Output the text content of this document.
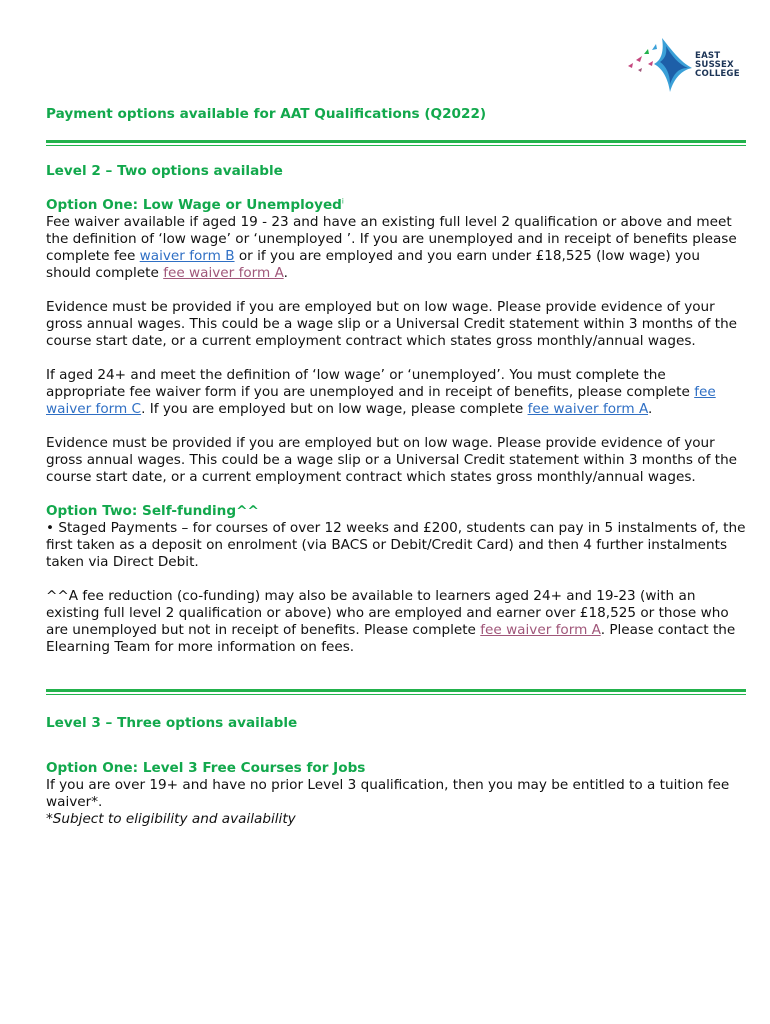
EAST
SUSSEX
COLLEGE
Payment options available for AAT Qualifications (Q2022)
Level 2 – Two options available
Option One: Low Wage or Unemployed$^i$

Fee waiver available if aged 19 - 23 and have an existing full level 2 qualification or above and meet the definition of ‘low wage’ or ‘unemployed ’. If you are unemployed and in receipt of benefits please complete fee waiver form B or if you are employed and you earn under £18,525 (low wage) you should complete fee waiver form A.

Evidence must be provided if you are employed but on low wage. Please provide evidence of your gross annual wages. This could be a wage slip or a Universal Credit statement within 3 months of the course start date, or a current employment contract which states gross monthly/annual wages.

If aged 24+ and meet the definition of ‘low wage’ or ‘unemployed’. You must complete the appropriate fee waiver form if you are unemployed and in receipt of benefits, please complete fee waiver form C. If you are employed but on low wage, please complete fee waiver form A.

Evidence must be provided if you are employed but on low wage. Please provide evidence of your gross annual wages. This could be a wage slip or a Universal Credit statement within 3 months of the course start date, or a current employment contract which states gross monthly/annual wages.

Option Two: Self-funding^^

• Staged Payments – for courses of over 12 weeks and £200, students can pay in 5 instalments of, the first taken as a deposit on enrolment (via BACS or Debit/Credit Card) and then 4 further instalments taken via Direct Debit.

^^A fee reduction (co-funding) may also be available to learners aged 24+ and 19-23 (with an existing full level 2 qualification or above) who are employed and earner over £18,525 or those who are unemployed but not in receipt of benefits. Please complete fee waiver form A. Please contact the Elearning Team for more information on fees.

Level 3 – Three options available
Option One: Level 3 Free Courses for Jobs

If you are over 19+ and have no prior Level 3 qualification, then you may be entitled to a tuition fee waiver*.

*Subject to eligibility and availability
